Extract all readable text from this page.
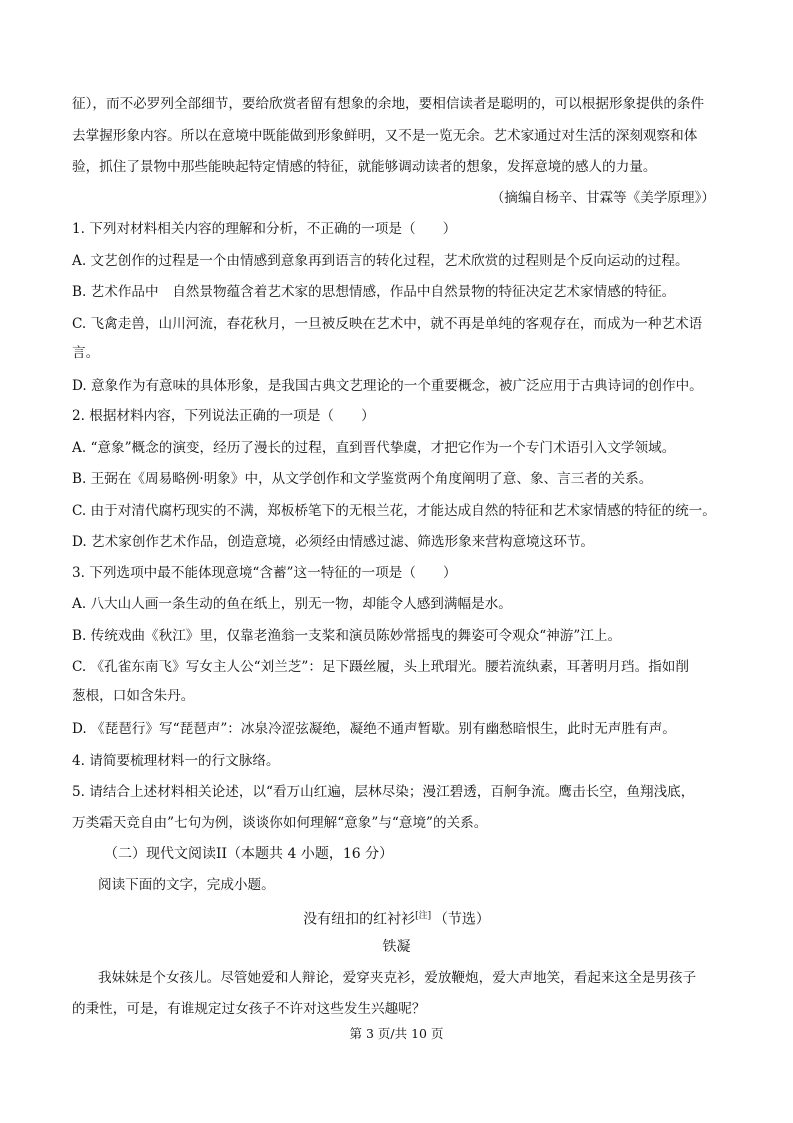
征），而不必罗列全部细节，要给欣赏者留有想象的余地，要相信读者是聪明的，可以根据形象提供的条件
去掌握形象内容。所以在意境中既能做到形象鲜明，又不是一览无余。艺术家通过对生活的深刻观察和体
验，抓住了景物中那些能映起特定情感的特征，就能够调动读者的想象，发挥意境的感人的力量。
（摘编自杨辛、甘霖等《美学原理》）
1. 下列对材料相关内容的理解和分析，不正确的一项是（　　）
A. 文艺创作的过程是一个由情感到意象再到语言的转化过程，艺术欣赏的过程则是个反向运动的过程。
B. 艺术作品中　自然景物蕴含着艺术家的思想情感，作品中自然景物的特征决定艺术家情感的特征。
C. 飞禽走兽，山川河流，春花秋月，一旦被反映在艺术中，就不再是单纯的客观存在，而成为一种艺术语
言。
D. 意象作为有意味的具体形象，是我国古典文艺理论的一个重要概念，被广泛应用于古典诗词的创作中。
2. 根据材料内容，下列说法正确的一项是（　　）
A. “意象”概念的演变，经历了漫长的过程，直到晋代挚虞，才把它作为一个专门术语引入文学领域。
B. 王弼在《周易略例·明象》中，从文学创作和文学鉴赏两个角度阐明了意、象、言三者的关系。
C. 由于对清代腐朽现实的不满，郑板桥笔下的无根兰花，才能达成自然的特征和艺术家情感的特征的统一。
D. 艺术家创作艺术作品，创造意境，必须经由情感过滤、筛选形象来营构意境这环节。
3. 下列选项中最不能体现意境“含蓄”这一特征的一项是（　　）
A. 八大山人画一条生动的鱼在纸上，别无一物，却能令人感到满幅是水。
B. 传统戏曲《秋江》里，仅靠老渔翁一支桨和演员陈妙常摇曳的舞姿可令观众“神游”江上。
C. 《孔雀东南飞》写女主人公“刘兰芝”：足下蹑丝履，头上玳瑁光。腰若流纨素，耳著明月珰。指如削
葱根，口如含朱丹。
D. 《琵琶行》写“琵琶声”：冰泉冷涩弦凝绝，凝绝不通声暂歇。别有幽愁暗恨生，此时无声胜有声。
4. 请简要梳理材料一的行文脉络。
5. 请结合上述材料相关论述，以“看万山红遍，层林尽染；漫江碧透，百舸争流。鹰击长空，鱼翔浅底，
万类霜天竞自由”七句为例，谈谈你如何理解“意象”与“意境”的关系。
（二）现代文阅读II（本题共 4 小题，16 分）
阅读下面的文字，完成小题。
没有纽扣的红衬衫[注]  （节选）
铁凝
我妹妹是个女孩儿。尽管她爱和人辩论，爱穿夹克衫，爱放鞭炮，爱大声地笑，看起来这全是男孩子
的秉性，可是，有谁规定过女孩子不许对这些发生兴趣呢？
第 3 页/共 10 页
